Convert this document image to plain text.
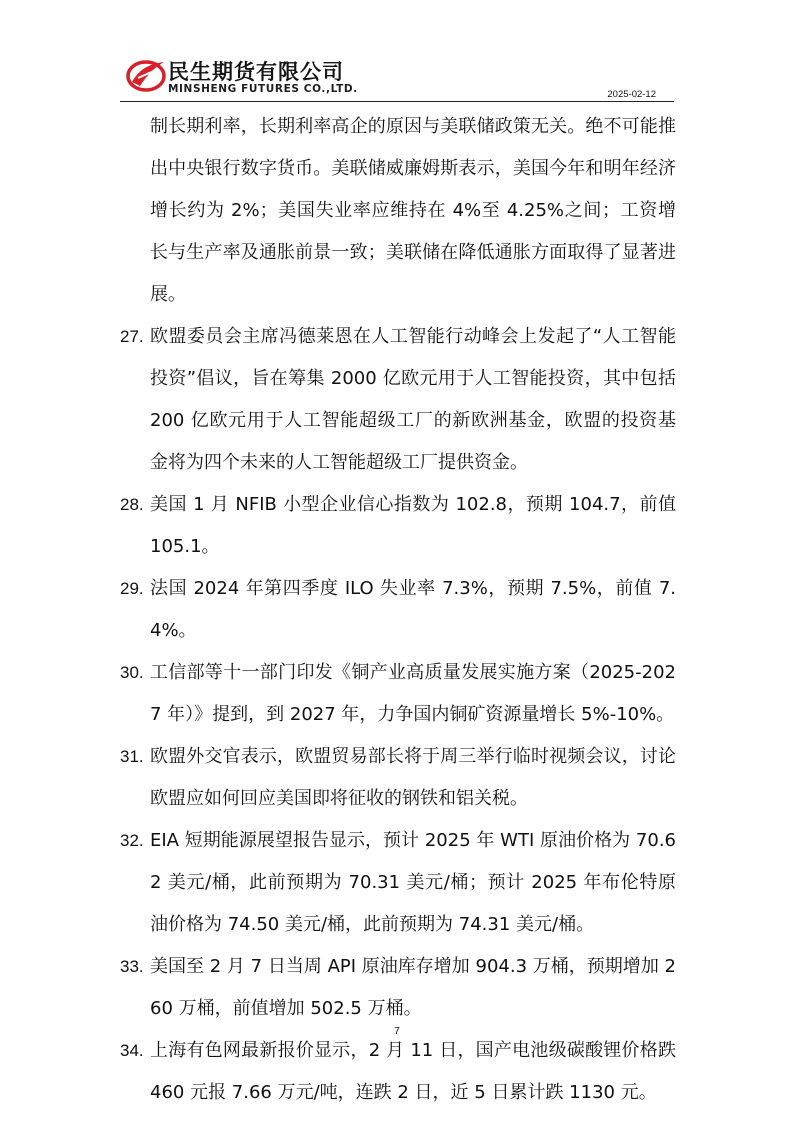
民生期货有限公司
MINSHENG FUTURES CO.,LTD.	2025-02-12
制长期利率，长期利率高企的原因与美联储政策无关。绝不可能推出中央银行数字货币。美联储威廉姆斯表示，美国今年和明年经济增长约为 2%；美国失业率应维持在 4%至 4.25%之间；工资增长与生产率及通胀前景一致；美联储在降低通胀方面取得了显著进展。
27. 欧盟委员会主席冯德莱恩在人工智能行动峰会上发起了“人工智能投资”倡议，旨在筹集 2000 亿欧元用于人工智能投资，其中包括 200 亿欧元用于人工智能超级工厂的新欧洲基金，欧盟的投资基金将为四个未来的人工智能超级工厂提供资金。
28. 美国 1 月 NFIB 小型企业信心指数为 102.8，预期 104.7，前值 105.1。
29. 法国 2024 年第四季度 ILO 失业率 7.3%，预期 7.5%，前值 7.4%。
30. 工信部等十一部门印发《铜产业高质量发展实施方案（2025-2027 年）》提到，到 2027 年，力争国内铜矿资源量增长 5%-10%。
31. 欧盟外交官表示，欧盟贸易部长将于周三举行临时视频会议，讨论欧盟应如何回应美国即将征收的钢铁和铝关税。
32. EIA 短期能源展望报告显示，预计 2025 年 WTI 原油价格为 70.62 美元/桶，此前预期为 70.31 美元/桶；预计 2025 年布伦特原油价格为 74.50 美元/桶，此前预期为 74.31 美元/桶。
33. 美国至 2 月 7 日当周 API 原油库存增加 904.3 万桶，预期增加 260 万桶，前值增加 502.5 万桶。
34. 上海有色网最新报价显示，2 月 11 日，国产电池级碳酸锂价格跌 460 元报 7.66 万元/吨，连跌 2 日，近 5 日累计跌 1130 元。
7
